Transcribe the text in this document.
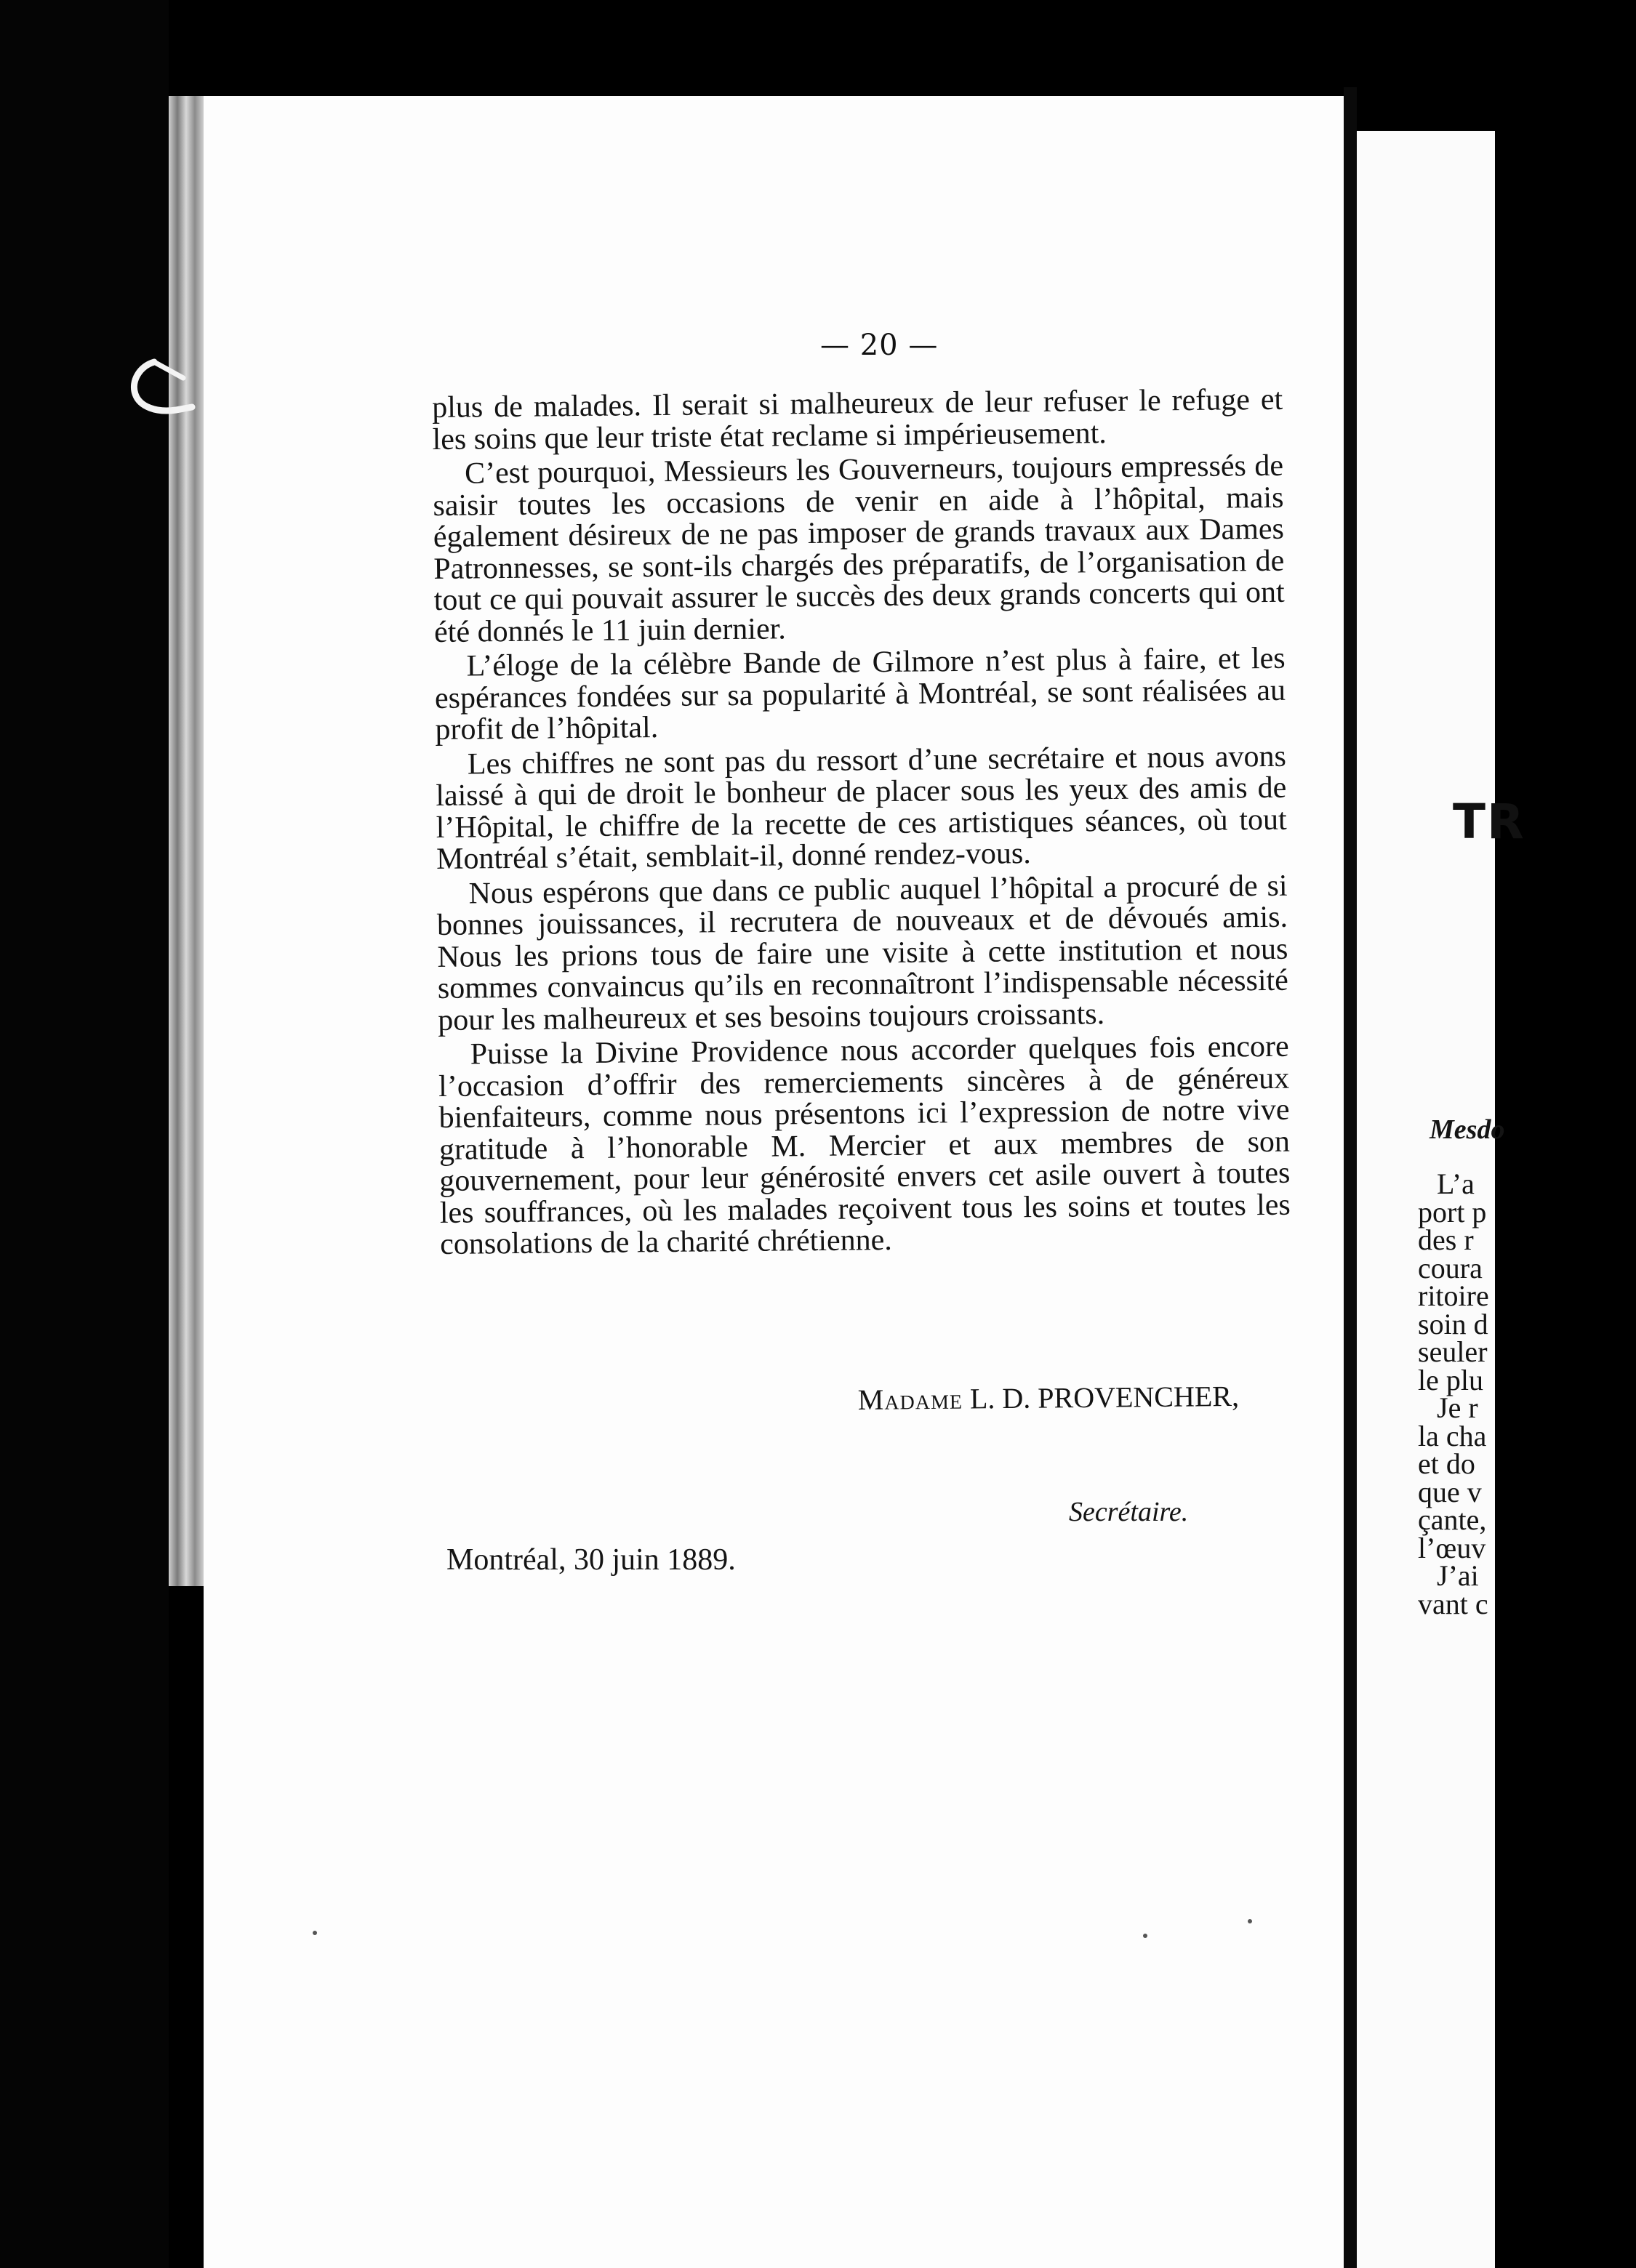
— 20 —

plus de malades. Il serait si malheureux de leur refuser le refuge et les soins que leur triste état reclame si impérieusement.

C’est pourquoi, Messieurs les Gouverneurs, toujours empressés de saisir toutes les occasions de venir en aide à l’hôpital, mais également désireux de ne pas imposer de grands travaux aux Dames Patronnesses, se sont-ils chargés des préparatifs, de l’organisation de tout ce qui pouvait assurer le succès des deux grands concerts qui ont été donnés le 11 juin dernier.

L’éloge de la célèbre Bande de Gilmore n’est plus à faire, et les espérances fondées sur sa popularité à Montréal, se sont réalisées au profit de l’hôpital.

Les chiffres ne sont pas du ressort d’une secrétaire et nous avons laissé à qui de droit le bonheur de placer sous les yeux des amis de l’Hôpital, le chiffre de la recette de ces artistiques séances, où tout Montréal s’était, semblait-il, donné rendez-vous.

Nous espérons que dans ce public auquel l’hôpital a procuré de si bonnes jouissances, il recrutera de nouveaux et de dévoués amis. Nous les prions tous de faire une visite à cette institution et nous sommes convaincus qu’ils en reconnaîtront l’indispensable nécessité pour les malheureux et ses besoins toujours croissants.

Puisse la Divine Providence nous accorder quelques fois encore l’occasion d’offrir des remerciements sincères à de généreux bienfaiteurs, comme nous présentons ici l’expression de notre vive gratitude à l’honorable M. Mercier et aux membres de son gouvernement, pour leur générosité envers cet asile ouvert à toutes les souffrances, où les malades reçoivent tous les soins et toutes les consolations de la charité chrétienne.

Madame L. D. PROVENCHER,
Secrétaire.
Montréal, 30 juin 1889.
TR
Mesdo
L’a
port p
des r
coura
ritoire
soin d
seuler
le plu
Je r
la cha
et do
que v
çante,
l’œuv
J’ai
vant c
